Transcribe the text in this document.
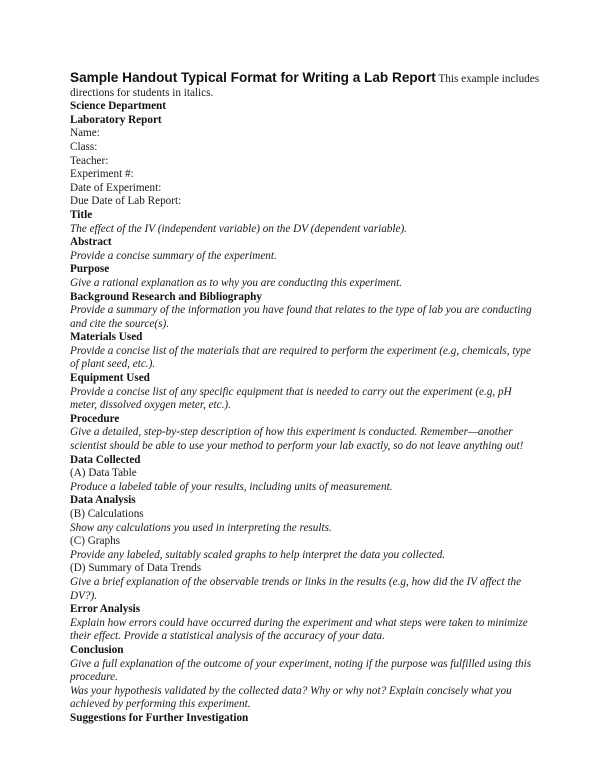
Sample Handout Typical Format for Writing a Lab Report This example includes directions for students in italics.

Science Department

Laboratory Report

Name:

Class:

Teacher:

Experiment #:

Date of Experiment:

Due Date of Lab Report:

Title

The effect of the IV (independent variable) on the DV (dependent variable).

Abstract

Provide a concise summary of the experiment.

Purpose

Give a rational explanation as to why you are conducting this experiment.

Background Research and Bibliography

Provide a summary of the information you have found that relates to the type of lab you are conducting and cite the source(s).

Materials Used

Provide a concise list of the materials that are required to perform the experiment (e.g, chemicals, type of plant seed, etc.).

Equipment Used

Provide a concise list of any specific equipment that is needed to carry out the experiment (e.g, pH meter, dissolved oxygen meter, etc.).

Procedure

Give a detailed, step-by-step description of how this experiment is conducted. Remember—another scientist should be able to use your method to perform your lab exactly, so do not leave anything out!

Data Collected

(A) Data Table

Produce a labeled table of your results, including units of measurement.

Data Analysis

(B) Calculations

Show any calculations you used in interpreting the results.

(C) Graphs

Provide any labeled, suitably scaled graphs to help interpret the data you collected.

(D) Summary of Data Trends

Give a brief explanation of the observable trends or links in the results (e.g, how did the IV affect the DV?).

Error Analysis

Explain how errors could have occurred during the experiment and what steps were taken to minimize their effect. Provide a statistical analysis of the accuracy of your data.

Conclusion

Give a full explanation of the outcome of your experiment, noting if the purpose was fulfilled using this procedure.

Was your hypothesis validated by the collected data? Why or why not? Explain concisely what you achieved by performing this experiment.

Suggestions for Further Investigation
